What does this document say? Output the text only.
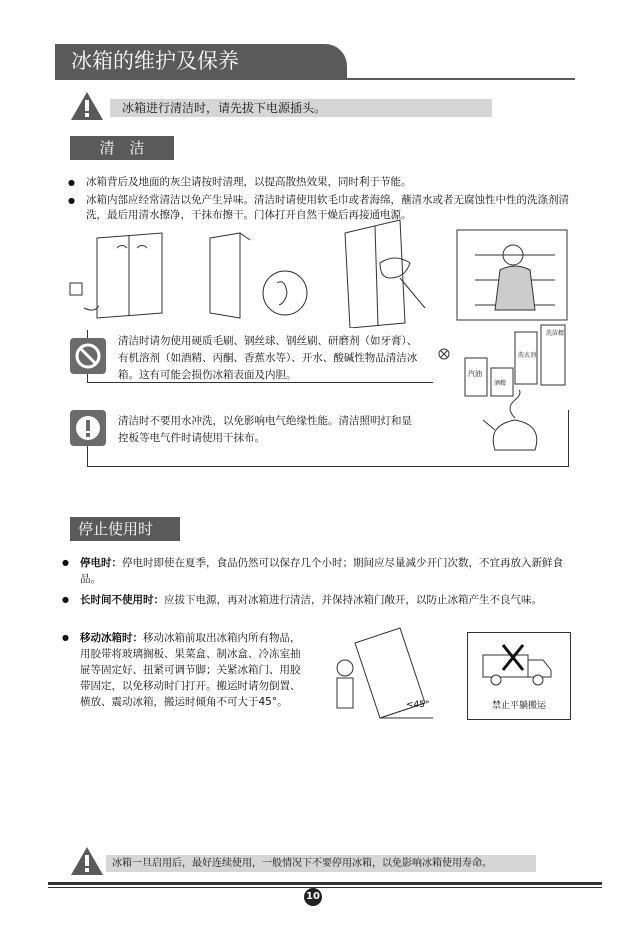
冰箱的维护及保养
冰箱进行清洁时，请先拔下电源插头。
清　洁
● 冰箱背后及地面的灰尘请按时清理，以提高散热效果，同时利于节能。
● 冰箱内部应经常清洁以免产生异味。清洁时请使用软毛巾或者海绵，蘸清水或者无腐蚀性中性的洗涤剂清洗，最后用清水擦净，干抹布擦干。门体打开自然干燥后再接通电源。
清洁时请勿使用硬质毛刷、钢丝球、钢丝刷、研磨剂（如牙膏）、有机溶剂（如酒精、丙酮、香蕉水等）、开水、酸碱性物品清洁冰箱。这有可能会损伤冰箱表面及内胆。
洗洁精
洗衣剂
汽油
酒精
清洁时不要用水冲洗，以免影响电气绝缘性能。清洁照明灯和显控板等电气件时请使用干抹布。
停止使用时
● 停电时：停电时即使在夏季，食品仍然可以保存几个小时；期间应尽量减少开门次数，不宜再放入新鲜食品。
● 长时间不使用时：应拔下电源，再对冰箱进行清洁，并保持冰箱门敞开，以防止冰箱产生不良气味。
● 移动冰箱时：移动冰箱前取出冰箱内所有物品，用胶带将玻璃搁板、果菜盒、制冰盒、冷冻室抽屉等固定好、扭紧可调节脚；关紧冰箱门、用胶带固定，以免移动时门打开。搬运时请勿倒置、横放、震动冰箱，搬运时倾角不可大于45°。	<45°	禁止平躺搬运
冰箱一旦启用后，最好连续使用，一般情况下不要停用冰箱，以免影响冰箱使用寿命。
10
